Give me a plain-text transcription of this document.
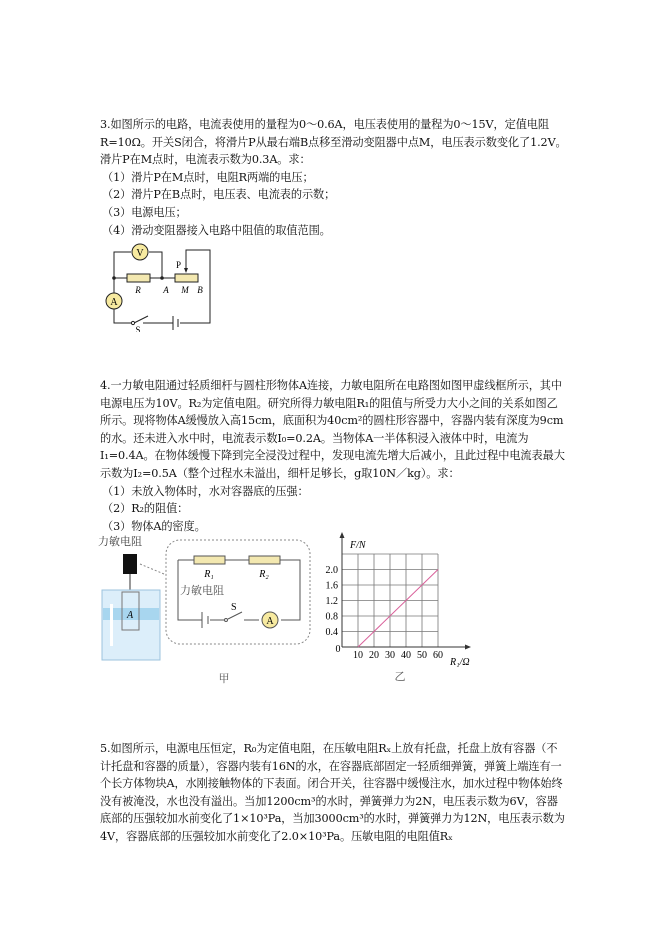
3.如图所示的电路，电流表使用的量程为0～0.6A，电压表使用的量程为0～15V，定值电阻R=10Ω。开关S闭合，将滑片P从最右端B点移至滑动变阻器中点M，电压表示数变化了1.2V。滑片P在M点时，电流表示数为0.3A。求：

（1）滑片P在M点时，电阻R两端的电压；

（2）滑片P在B点时，电压表、电流表的示数；

（3）电源电压；

（4）滑动变阻器接入电路中阻值的取值范围。

V
A
R
P
A M B
S

4.一力敏电阻通过轻质细杆与圆柱形物体A连接，力敏电阻所在电路图如图甲虚线框所示，其中电源电压为10V。R₂为定值电阻。研究所得力敏电阻R₁的阻值与所受力大小之间的关系如图乙所示。现将物体A缓慢放入高15cm，底面积为40cm²的圆柱形容器中，容器内装有深度为9cm的水。还未进入水中时，电流表示数I₀=0.2A。当物体A一半体积浸入液体中时，电流为I₁=0.4A。在物体缓慢下降到完全浸没过程中，发现电流先增大后减小，且此过程中电流表最大示数为I₂=0.5A（整个过程水未溢出，细杆足够长，g取10N／kg）。求：

（1）未放入物体时，水对容器底的压强：

（2）R₂的阻值：

（3）物体A的密度。

力敏电阻
A
A
R₁	R₂
力敏电阻
S
甲
10 20 30 40 50 60
0.4
0.8
1.2
1.6
2.0
0
F/N
R₁/Ω
乙

5.如图所示，电源电压恒定，R₀为定值电阻，在压敏电阻Rₓ上放有托盘，托盘上放有容器（不计托盘和容器的质量），容器内装有16N的水，在容器底部固定一轻质细弹簧，弹簧上端连有一个长方体物块A，水刚接触物体的下表面。闭合开关，往容器中缓慢注水，加水过程中物体始终没有被淹没，水也没有溢出。当加1200cm³的水时，弹簧弹力为2N，电压表示数为6V，容器底部的压强较加水前变化了1×10³Pa，当加3000cm³的水时，弹簧弹力为12N，电压表示数为4V，容器底部的压强较加水前变化了2.0×10³Pa。压敏电阻的电阻值Rₓ
